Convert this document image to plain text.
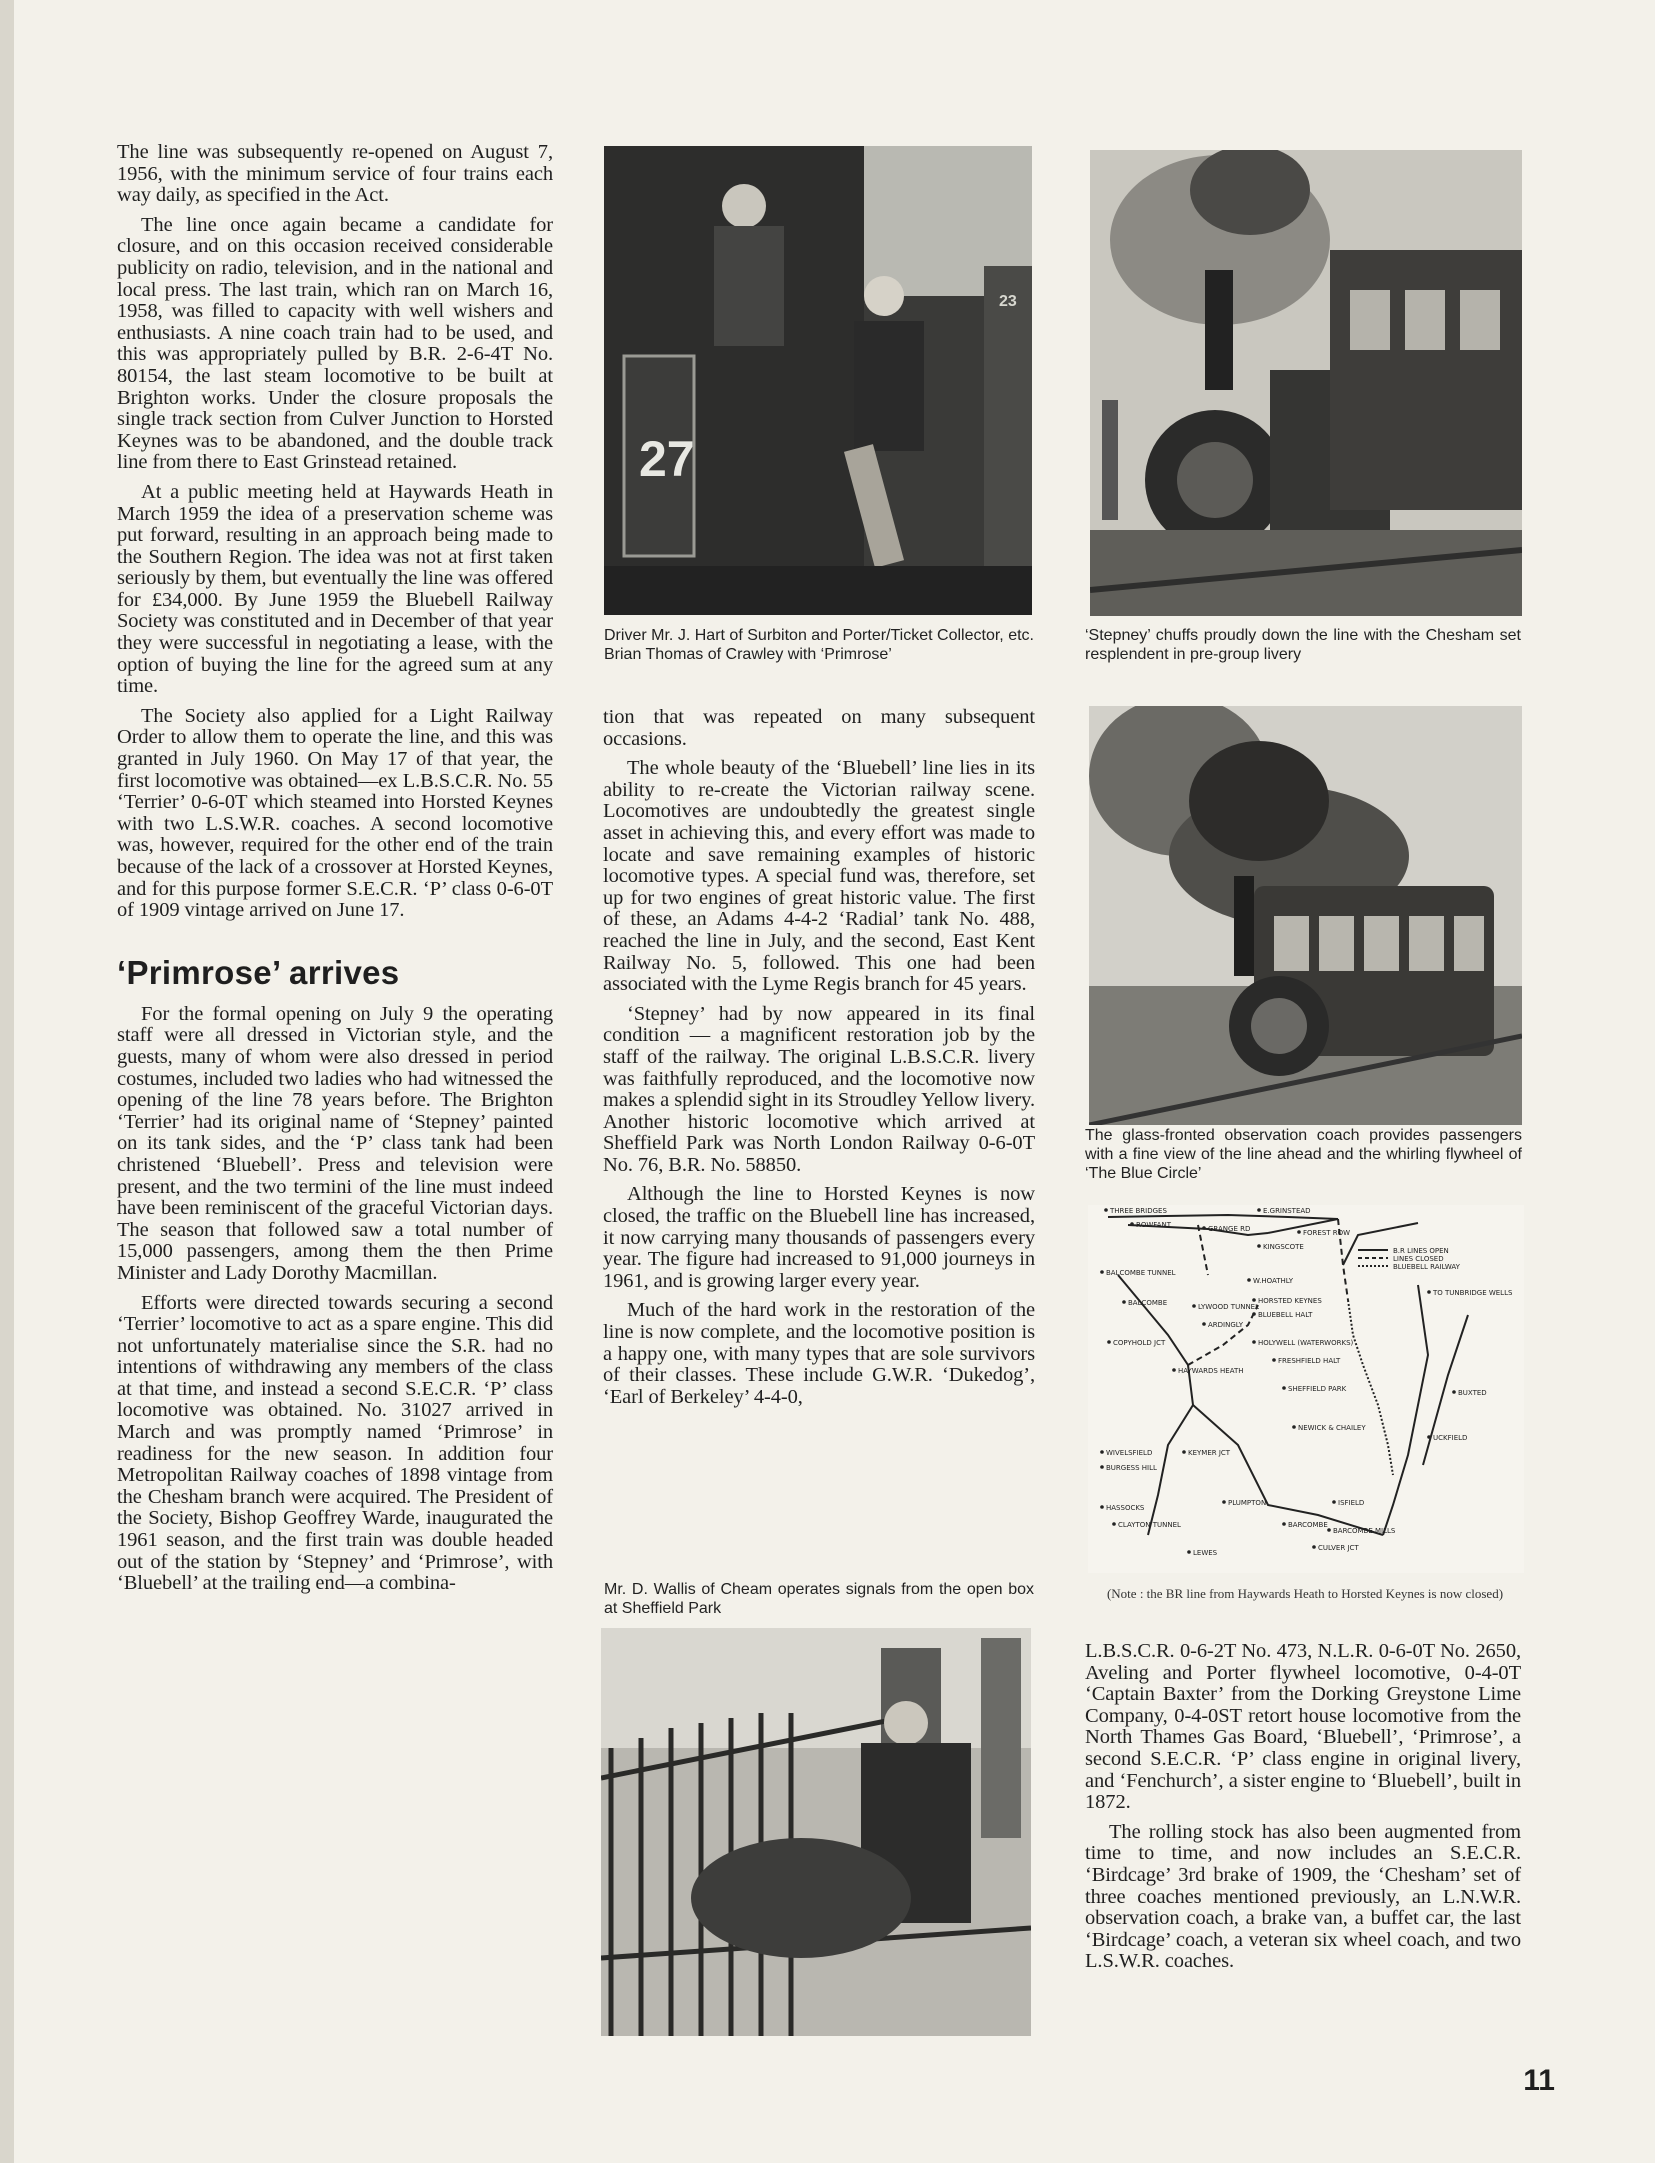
The line was subsequently re-opened on August 7, 1956, with the minimum service of four trains each way daily, as specified in the Act.

The line once again became a candidate for closure, and on this occasion received considerable publicity on radio, television, and in the national and local press. The last train, which ran on March 16, 1958, was filled to capacity with well wishers and enthusiasts. A nine coach train had to be used, and this was appropriately pulled by B.R. 2-6-4T No. 80154, the last steam locomotive to be built at Brighton works. Under the closure proposals the single track section from Culver Junction to Horsted Keynes was to be abandoned, and the double track line from there to East Grinstead retained.

At a public meeting held at Haywards Heath in March 1959 the idea of a preservation scheme was put forward, resulting in an approach being made to the Southern Region. The idea was not at first taken seriously by them, but eventually the line was offered for £34,000. By June 1959 the Bluebell Railway Society was constituted and in December of that year they were successful in negotiating a lease, with the option of buying the line for the agreed sum at any time.

The Society also applied for a Light Railway Order to allow them to operate the line, and this was granted in July 1960. On May 17 of that year, the first locomotive was obtained—ex L.B.S.C.R. No. 55 ‘Terrier’ 0-6-0T which steamed into Horsted Keynes with two L.S.W.R. coaches. A second locomotive was, however, required for the other end of the train because of the lack of a crossover at Horsted Keynes, and for this purpose former S.E.C.R. ‘P’ class 0-6-0T of 1909 vintage arrived on June 17.

‘Primrose’ arrives

For the formal opening on July 9 the operating staff were all dressed in Victorian style, and the guests, many of whom were also dressed in period costumes, included two ladies who had witnessed the opening of the line 78 years before. The Brighton ‘Terrier’ had its original name of ‘Stepney’ painted on its tank sides, and the ‘P’ class tank had been christened ‘Bluebell’. Press and television were present, and the two termini of the line must indeed have been reminiscent of the graceful Victorian days. The season that followed saw a total number of 15,000 passengers, among them the then Prime Minister and Lady Dorothy Macmillan.

Efforts were directed towards securing a second ‘Terrier’ locomotive to act as a spare engine. This did not unfortunately materialise since the S.R. had no intentions of withdrawing any members of the class at that time, and instead a second S.E.C.R. ‘P’ class locomotive was obtained. No. 31027 arrived in March and was promptly named ‘Primrose’ in readiness for the new season. In addition four Metropolitan Railway coaches of 1898 vintage from the Chesham branch were acquired. The President of the Society, Bishop Geoffrey Warde, inaugurated the 1961 season, and the first train was double headed out of the station by ‘Stepney’ and ‘Primrose’, with ‘Bluebell’ at the trailing end—a combina-

27
23

Driver Mr. J. Hart of Surbiton and Porter/Ticket Collector, etc. Brian Thomas of Crawley with ‘Primrose’

tion that was repeated on many subsequent occasions.

The whole beauty of the ‘Bluebell’ line lies in its ability to re-create the Victorian railway scene. Locomotives are undoubtedly the greatest single asset in achieving this, and every effort was made to locate and save remaining examples of historic locomotive types. A special fund was, therefore, set up for two engines of great historic value. The first of these, an Adams 4-4-2 ‘Radial’ tank No. 488, reached the line in July, and the second, East Kent Railway No. 5, followed. This one had been associated with the Lyme Regis branch for 45 years.

‘Stepney’ had by now appeared in its final condition — a magnificent restoration job by the staff of the railway. The original L.B.S.C.R. livery was faithfully reproduced, and the locomotive now makes a splendid sight in its Stroudley Yellow livery. Another historic locomotive which arrived at Sheffield Park was North London Railway 0-6-0T No. 76, B.R. No. 58850.

Although the line to Horsted Keynes is now closed, the traffic on the Bluebell line has increased, it now carrying many thousands of passengers every year. The figure had increased to 91,000 journeys in 1961, and is growing larger every year.

Much of the hard work in the restoration of the line is now complete, and the locomotive position is a happy one, with many types that are sole survivors of their classes. These include G.W.R. ‘Dukedog’, ‘Earl of Berkeley’ 4-4-0,

Mr. D. Wallis of Cheam operates signals from the open box at Sheffield Park

‘Stepney’ chuffs proudly down the line with the Chesham set resplendent in pre-group livery

The glass-fronted observation coach provides passengers with a fine view of the line ahead and the whirling flywheel of ‘The Blue Circle’

B.R LINES OPEN
LINES CLOSED
BLUEBELL RAILWAY
THREE BRIDGES	E.GRINSTEAD
ROWFANT	GRANGE RD
KINGSCOTE
FOREST ROW
BALCOMBE TUNNEL
W.HOATHLY
BALCOMBE	LYWOOD TUNNEL
HORSTED KEYNES
BLUEBELL HALT
ARDINGLY
COPYHOLD JCT	HOLYWELL (WATERWORKS)
FRESHFIELD HALT
HAYWARDS HEATH
SHEFFIELD PARK
TO TUNBRIDGE WELLS
BUXTED
NEWICK & CHAILEY
UCKFIELD
WIVELSFIELD	KEYMER JCT
BURGESS HILL
ISFIELD
HASSOCKS
PLUMPTON
BARCOMBE
BARCOMBE MILLS
CLAYTON TUNNEL
CULVER JCT
LEWES

(Note : the BR line from Haywards Heath to Horsted Keynes is now closed)

L.B.S.C.R. 0-6-2T No. 473, N.L.R. 0-6-0T No. 2650, Aveling and Porter flywheel locomotive, 0-4-0T ‘Captain Baxter’ from the Dorking Greystone Lime Company, 0-4-0ST retort house locomotive from the North Thames Gas Board, ‘Bluebell’, ‘Primrose’, a second S.E.C.R. ‘P’ class engine in original livery, and ‘Fenchurch’, a sister engine to ‘Bluebell’, built in 1872.

The rolling stock has also been augmented from time to time, and now includes an S.E.C.R. ‘Birdcage’ 3rd brake of 1909, the ‘Chesham’ set of three coaches mentioned previously, an L.N.W.R. observation coach, a brake van, a buffet car, the last ‘Birdcage’ coach, a veteran six wheel coach, and two L.S.W.R. coaches.

11
